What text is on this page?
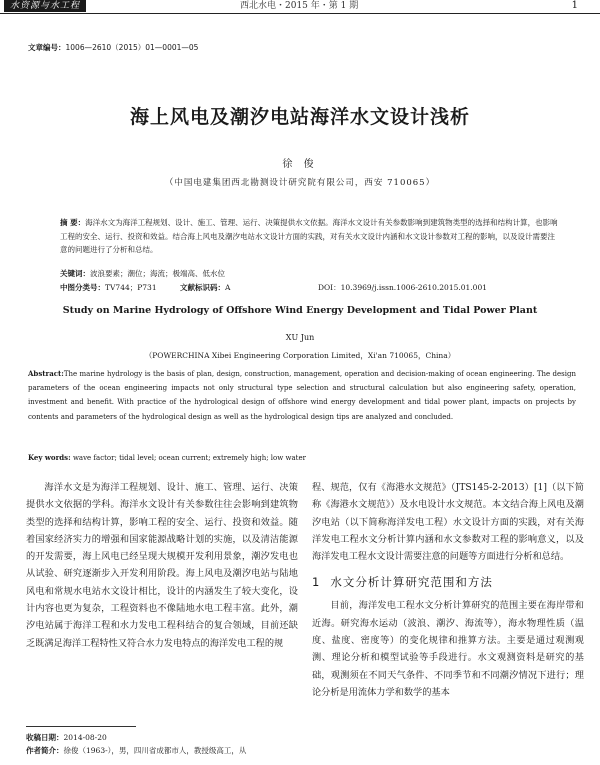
水资源与水工程	西北水电・2015 年・第 1 期	1
文章编号：1006—2610（2015）01—0001—05
海上风电及潮汐电站海洋水文设计浅析
徐 俊
（中国电建集团西北勘测设计研究院有限公司，西安 710065）
摘 要：海洋水文为海洋工程规划、设计、施工、管理、运行、决策提供水文依据。海洋水文设计有关参数影响到建筑物类型的选择和结构计算，也影响工程的安全、运行、投资和效益。结合海上风电及潮汐电站水文设计方面的实践，对有关水文设计内涵和水文设计参数对工程的影响，以及设计需要注意的问题进行了分析和总结。
关键词：波浪要素；潮位；海流；极端高、低水位
中图分类号：TV744；P731	文献标识码：A	DOI：10.3969/j.issn.1006-2610.2015.01.001
Study on Marine Hydrology of Offshore Wind Energy Development and Tidal Power Plant
XU Jun
（POWERCHINA Xibei Engineering Corporation Limited，Xi'an 710065，China）
Abstract:The marine hydrology is the basis of plan, design, construction, management, operation and decision-making of ocean engineering. The design parameters of the ocean engineering impacts not only structural type selection and structural calculation but also engineering safety, operation, investment and benefit. With practice of the hydrological design of offshore wind energy development and tidal power plant, impacts on projects by contents and parameters of the hydrological design as well as the hydrological design tips are analyzed and concluded.
Key words: wave factor; tidal level; ocean current; extremely high; low water

海洋水文是为海洋工程规划、设计、施工、管理、运行、决策提供水文依据的学科。海洋水文设计有关参数往往会影响到建筑物类型的选择和结构计算，影响工程的安全、运行、投资和效益。随着国家经济实力的增强和国家能源战略计划的实施，以及清洁能源的开发需要，海上风电已经呈现大规模开发利用景象，潮汐发电也从试验、研究逐渐步入开发利用阶段。海上风电及潮汐电站与陆地风电和常规水电站水文设计相比，设计的内涵发生了较大变化，设计内容也更为复杂，工程资料也不像陆地水电工程丰富。此外，潮汐电站属于海洋工程和水力发电工程科结合的复合领域，目前还缺乏既满足海洋工程特性又符合水力发电特点的海洋发电工程的规

程、规范，仅有《海港水文规范》（JTS145-2-2013）[1]（以下简称《海港水文规范》）及水电设计水文规范。本文结合海上风电及潮汐电站（以下简称海洋发电工程）水文设计方面的实践，对有关海洋发电工程水文分析计算内涵和水文参数对工程的影响意义，以及海洋发电工程水文设计需要注意的问题等方面进行分析和总结。

1 水文分析计算研究范围和方法

目前，海洋发电工程水文分析计算研究的范围主要在海岸带和近海。研究海水运动（波浪、潮汐、海流等），海水物理性质（温度、盐度、密度等）的变化规律和推算方法。主要是通过观测观测、理论分析和模型试验等手段进行。水文观测资料是研究的基础，观测须在不同天气条件、不同季节和不同潮汐情况下进行；理论分析是用流体力学和数学的基本

收稿日期：2014-08-20
作者简介：徐俊（1963-），男，四川省成都市人，教授级高工，从
